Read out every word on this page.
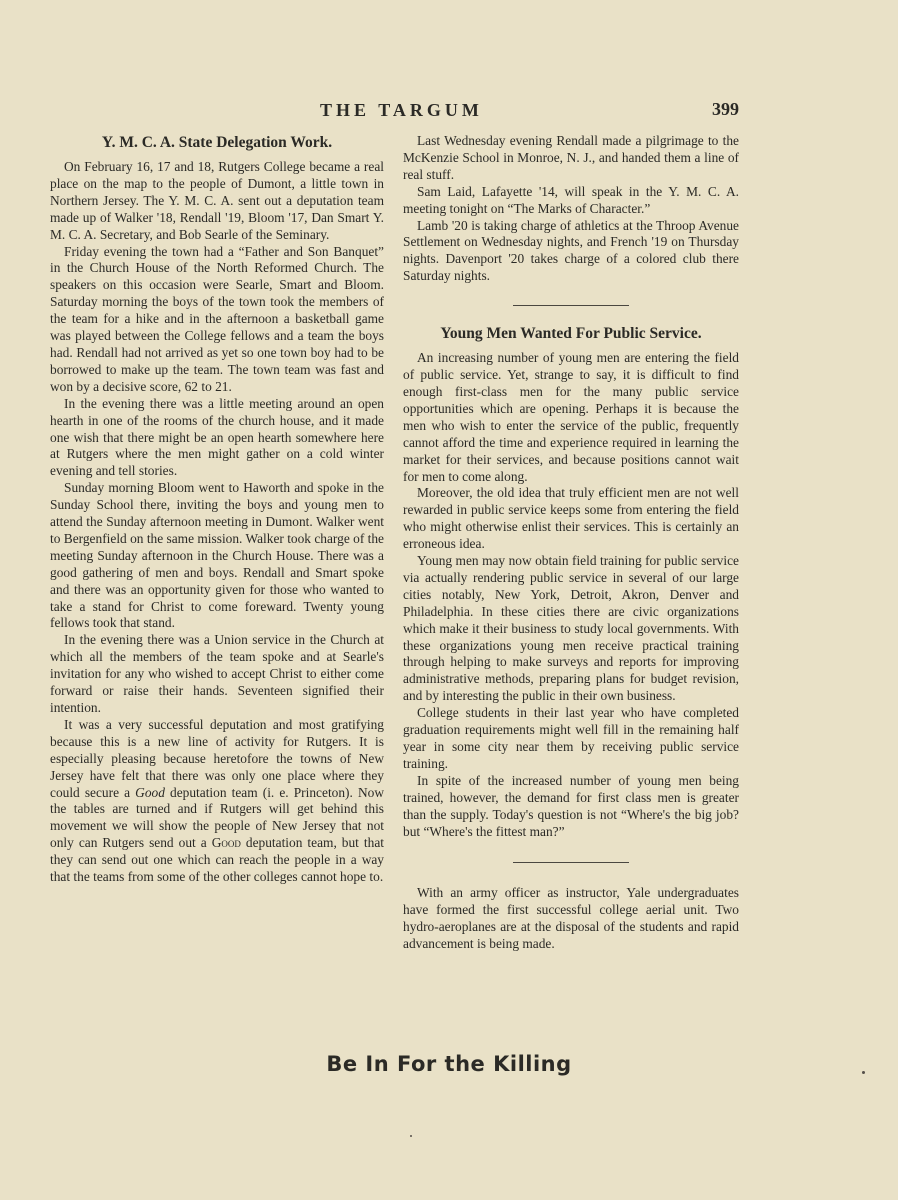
THE TARGUM	399
Y. M. C. A. State Delegation Work.

On February 16, 17 and 18, Rutgers College became a real place on the map to the people of Dumont, a little town in Northern Jersey. The Y. M. C. A. sent out a deputation team made up of Walker '18, Rendall '19, Bloom '17, Dan Smart Y. M. C. A. Secretary, and Bob Searle of the Seminary.

Friday evening the town had a “Father and Son Banquet” in the Church House of the North Reformed Church. The speakers on this occasion were Searle, Smart and Bloom. Saturday morning the boys of the town took the members of the team for a hike and in the afternoon a basketball game was played between the College fellows and a team the boys had. Rendall had not arrived as yet so one town boy had to be borrowed to make up the team. The town team was fast and won by a decisive score, 62 to 21.

In the evening there was a little meeting around an open hearth in one of the rooms of the church house, and it made one wish that there might be an open hearth somewhere here at Rutgers where the men might gather on a cold winter evening and tell stories.

Sunday morning Bloom went to Haworth and spoke in the Sunday School there, inviting the boys and young men to attend the Sunday afternoon meeting in Dumont. Walker went to Bergenfield on the same mission. Walker took charge of the meeting Sunday afternoon in the Church House. There was a good gathering of men and boys. Rendall and Smart spoke and there was an opportunity given for those who wanted to take a stand for Christ to come foreward. Twenty young fellows took that stand.

In the evening there was a Union service in the Church at which all the members of the team spoke and at Searle's invitation for any who wished to accept Christ to either come forward or raise their hands. Seventeen signified their intention.

It was a very successful deputation and most gratifying because this is a new line of activity for Rutgers. It is especially pleasing because heretofore the towns of New Jersey have felt that there was only one place where they could secure a Good deputation team (i. e. Princeton). Now the tables are turned and if Rutgers will get behind this movement we will show the people of New Jersey that not only can Rutgers send out a Good deputation team, but that they can send out one which can reach the people in a way that the teams from some of the other colleges cannot hope to.

Last Wednesday evening Rendall made a pilgrimage to the McKenzie School in Monroe, N. J., and handed them a line of real stuff.

Sam Laid, Lafayette '14, will speak in the Y. M. C. A. meeting tonight on “The Marks of Character.”

Lamb '20 is taking charge of athletics at the Throop Avenue Settlement on Wednesday nights, and French '19 on Thursday nights. Davenport '20 takes charge of a colored club there Saturday nights.

Young Men Wanted For Public Service.

An increasing number of young men are entering the field of public service. Yet, strange to say, it is difficult to find enough first-class men for the many public service opportunities which are opening. Perhaps it is because the men who wish to enter the service of the public, frequently cannot afford the time and experience required in learning the market for their services, and because positions cannot wait for men to come along.

Moreover, the old idea that truly efficient men are not well rewarded in public service keeps some from entering the field who might otherwise enlist their services. This is certainly an erroneous idea.

Young men may now obtain field training for public service via actually rendering public service in several of our large cities notably, New York, Detroit, Akron, Denver and Philadelphia. In these cities there are civic organizations which make it their business to study local governments. With these organizations young men receive practical training through helping to make surveys and reports for improving administrative methods, preparing plans for budget revision, and by interesting the public in their own business.

College students in their last year who have completed graduation requirements might well fill in the remaining half year in some city near them by receiving public service training.

In spite of the increased number of young men being trained, however, the demand for first class men is greater than the supply. Today's question is not “Where's the big job? but “Where's the fittest man?”

With an army officer as instructor, Yale undergraduates have formed the first successful college aerial unit. Two hydro-aeroplanes are at the disposal of the students and rapid advancement is being made.

Be In For the Killing
